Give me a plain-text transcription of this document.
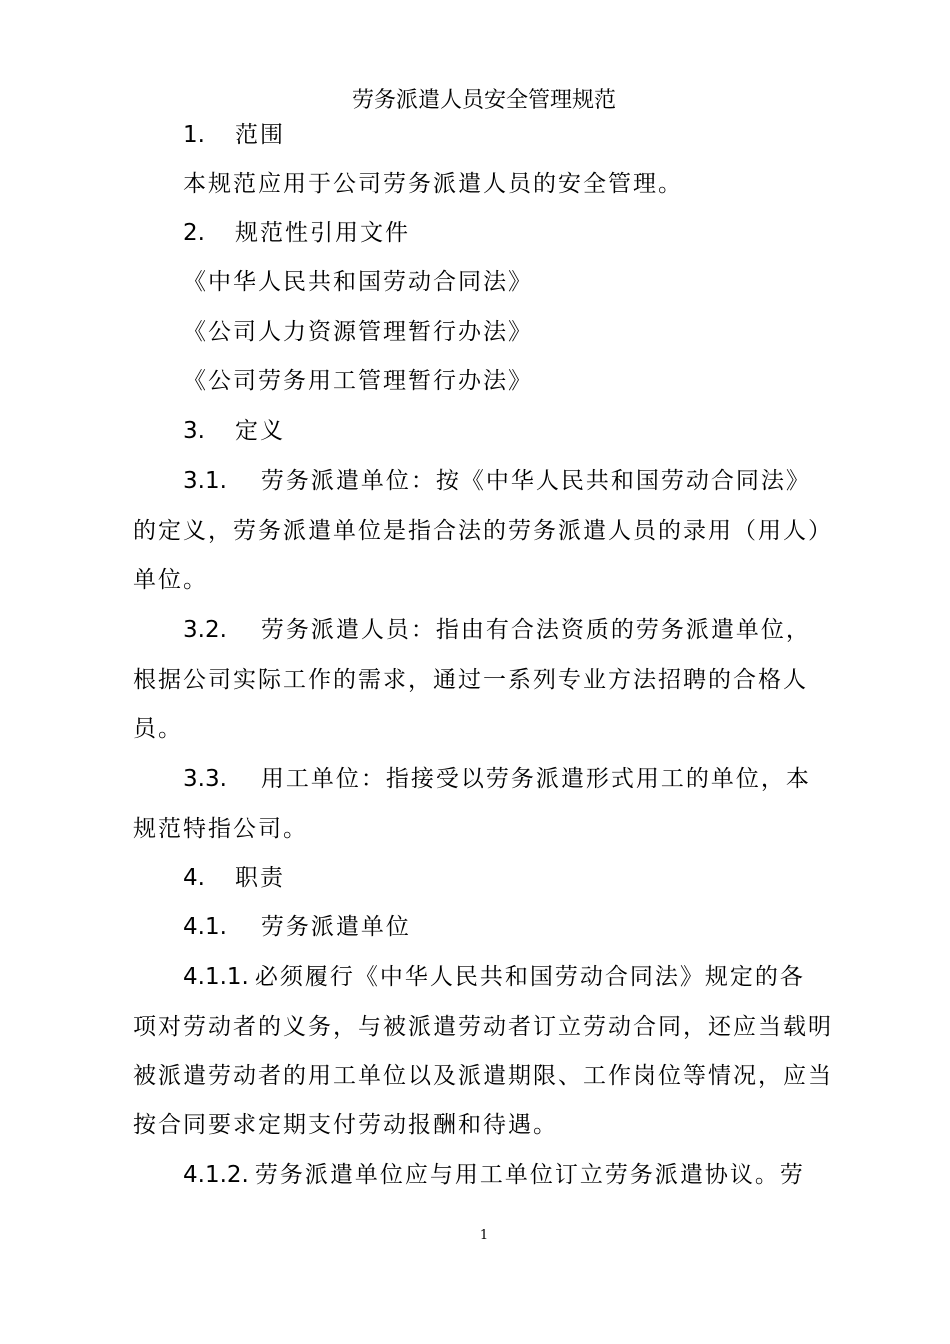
劳务派遣人员安全管理规范
1. 范围
本规范应用于公司劳务派遣人员的安全管理。
2. 规范性引用文件
《中华人民共和国劳动合同法》
《公司人力资源管理暂行办法》
《公司劳务用工管理暂行办法》
3. 定义
3.1. 劳务派遣单位：按《中华人民共和国劳动合同法》
的定义，劳务派遣单位是指合法的劳务派遣人员的录用（用人）
单位。
3.2. 劳务派遣人员：指由有合法资质的劳务派遣单位，
根据公司实际工作的需求，通过一系列专业方法招聘的合格人
员。
3.3. 用工单位：指接受以劳务派遣形式用工的单位，本
规范特指公司。
4. 职责
4.1. 劳务派遣单位
4.1.1. 必须履行《中华人民共和国劳动合同法》规定的各
项对劳动者的义务，与被派遣劳动者订立劳动合同，还应当载明
被派遣劳动者的用工单位以及派遣期限、工作岗位等情况，应当
按合同要求定期支付劳动报酬和待遇。
4.1.2. 劳务派遣单位应与用工单位订立劳务派遣协议。劳
1
